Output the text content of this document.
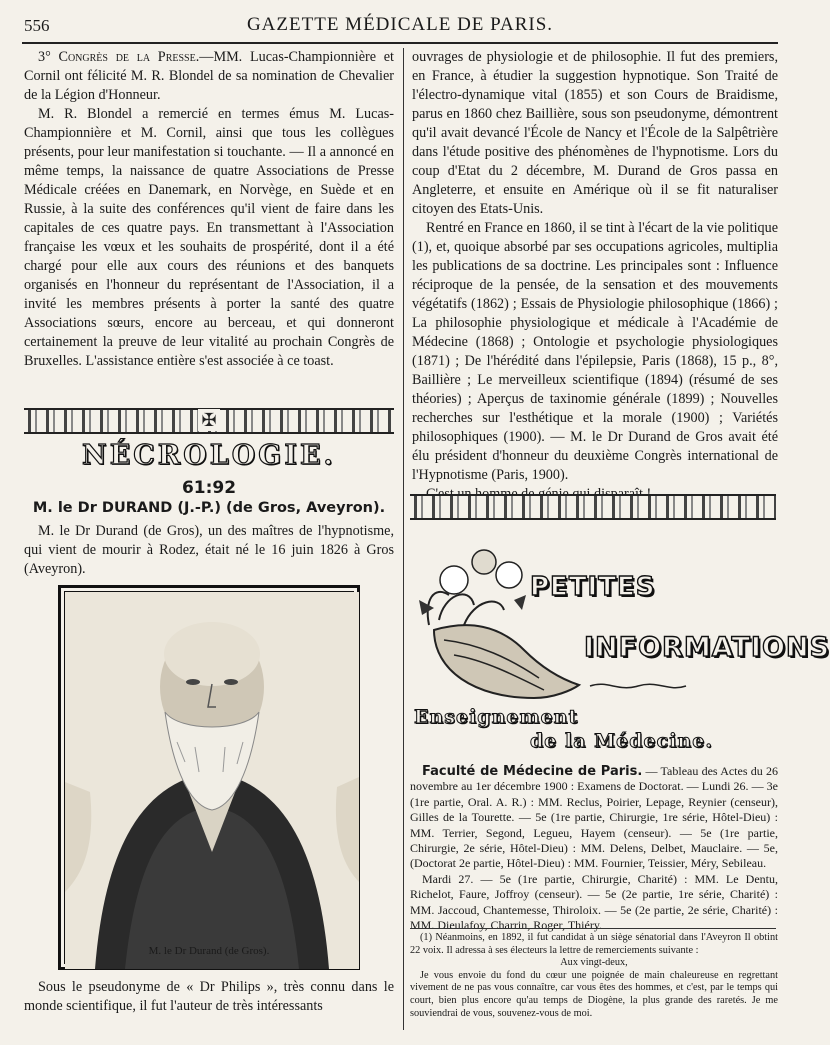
556	GAZETTE MÉDICALE DE PARIS.

3° Congrès de la Presse.—MM. Lucas-Championnière et Cornil ont félicité M. R. Blondel de sa nomination de Chevalier de la Légion d'Honneur.

M. R. Blondel a remercié en termes émus M. Lucas-Championnière et M. Cornil, ainsi que tous les collègues présents, pour leur manifestation si touchante. — Il a annoncé en même temps, la naissance de quatre Associations de Presse Médicale créées en Danemark, en Norvège, en Suède et en Russie, à la suite des conférences qu'il vient de faire dans les capitales de ces quatre pays. En transmettant à l'Association française les vœux et les souhaits de prospérité, dont il a été chargé pour elle aux cours des réunions et des banquets organisés en l'honneur du représentant de l'Association, il a invité les membres présents à porter la santé des quatre Associations sœurs, encore au berceau, et qui donneront certainement la preuve de leur vitalité au prochain Congrès de Bruxelles. L'assistance entière s'est associée à ce toast.

✠
NÉCROLOGIE.
61:92
M. le Dr DURAND (J.-P.) (de Gros, Aveyron).

M. le Dr Durand (de Gros), un des maîtres de l'hypnotisme, qui vient de mourir à Rodez, était né le 16 juin 1826 à Gros (Aveyron).

M. le Dr Durand (de Gros).

Sous le pseudonyme de « Dr Philips », très connu dans le monde scientifique, il fut l'auteur de très intéressants

ouvrages de physiologie et de philosophie. Il fut des premiers, en France, à étudier la suggestion hypnotique. Son Traité de l'électro-dynamique vital (1855) et son Cours de Braidisme, parus en 1860 chez Baillière, sous son pseudonyme, démontrent qu'il avait devancé l'École de Nancy et l'École de la Salpêtrière dans l'étude positive des phénomènes de l'hypnotisme. Lors du coup d'Etat du 2 décembre, M. Durand de Gros passa en Angleterre, et ensuite en Amérique où il se fit naturaliser citoyen des Etats-Unis.

Rentré en France en 1860, il se tint à l'écart de la vie politique (1), et, quoique absorbé par ses occupations agricoles, multiplia les publications de sa doctrine. Les principales sont : Influence réciproque de la pensée, de la sensation et des mouvements végétatifs (1862) ; Essais de Physiologie philosophique (1866) ; La philosophie physiologique et médicale à l'Académie de Médecine (1868) ; Ontologie et psychologie physiologiques (1871) ; De l'hérédité dans l'épilepsie, Paris (1868), 15 p., 8°, Baillière ; Le merveilleux scientifique (1894) (résumé de ses théories) ; Aperçus de taxinomie générale (1899) ; Nouvelles recherches sur l'esthétique et la morale (1900) ; Variétés philosophiques (1900). — M. le Dr Durand de Gros avait été élu président d'honneur du deuxième Congrès international de l'Hypnotisme (Paris, 1900).

PETITES
INFORMATIONS
Enseignement
de la Médecine.

Faculté de Médecine de Paris. — Tableau des Actes du 26 novembre au 1er décembre 1900 : Examens de Doctorat. — Lundi 26. — 3e (1re partie, Oral. A. R.) : MM. Reclus, Poirier, Lepage, Reynier (censeur), Gilles de la Tourette. — 5e (1re partie, Chirurgie, 1re série, Hôtel-Dieu) : MM. Terrier, Segond, Legueu, Hayem (censeur). — 5e (1re partie, Chirurgie, 2e série, Hôtel-Dieu) : MM. Delens, Delbet, Mauclaire. — 5e, (Doctorat 2e partie, Hôtel-Dieu) : MM. Fournier, Teissier, Méry, Sebileau.

Mardi 27. — 5e (1re partie, Chirurgie, Charité) : MM. Le Dentu, Richelot, Faure, Joffroy (censeur). — 5e (2e partie, 1re série, Charité) : MM. Jaccoud, Chantemesse, Thiroloix. — 5e (2e partie, 2e série, Charité) : MM. Dieulafoy, Charrin, Roger, Thiéry.

(1) Néanmoins, en 1892, il fut candidat à un siège sénatorial dans l'Aveyron Il obtint 22 voix. Il adressa à ses électeurs la lettre de remerciements suivante :

Aux vingt-deux,

Je vous envoie du fond du cœur une poignée de main chaleureuse en regrettant vivement de ne pas vous connaître, car vous êtes des hommes, et c'est, par le temps qui court, bien plus encore qu'au temps de Diogène, la plus grande des raretés. Je me souviendrai de vous, souvenez-vous de moi.
